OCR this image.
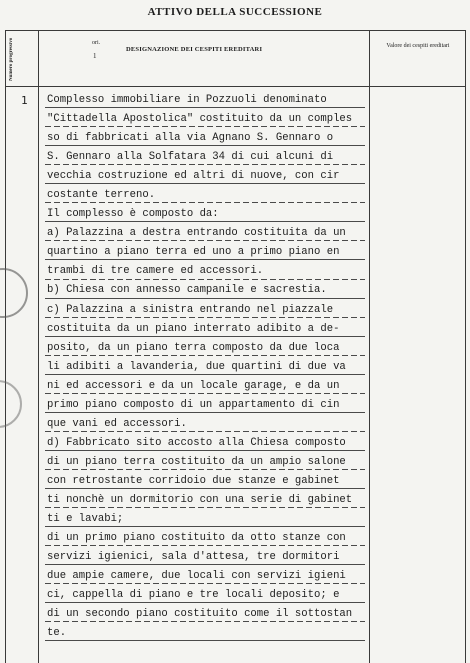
ATTIVO DELLA SUCCESSIONE
Numero progressivo	ori.
1
DESIGNAZIONE DEI CESPITI EREDITARI	Valore dei cespiti ereditari
1 Complesso immobiliare in Pozzuoli denominato
"Cittadella Apostolica" costituito da un comples
so di fabbricati alla via Agnano S. Gennaro o
S. Gennaro alla Solfatara 34 di cui alcuni di
vecchia costruzione ed altri di nuove, con cir
costante terreno.
Il complesso è composto da:
a) Palazzina a destra entrando costituita da un
quartino a piano terra ed uno a primo piano en
trambi di tre camere ed accessori.
b) Chiesa con annesso campanile e sacrestia.
c) Palazzina a sinistra entrando nel piazzale
costituita da un piano interrato adibito a de-
posito, da un piano terra composto da due loca
li adibiti a lavanderia, due quartini di due va
ni ed accessori e da un locale garage, e da un
primo piano composto di un appartamento di cin
que vani ed accessori.
d) Fabbricato sito accosto alla Chiesa composto
di un piano terra costituito da un ampio salone
con retrostante corridoio due stanze e gabinet
ti nonchè un dormitorio con una serie di gabinet
ti e lavabi;
di un primo piano costituito da otto stanze con
servizi igienici, sala d'attesa, tre dormitori
due ampie camere, due locali con servizi igieni
ci, cappella di piano e tre locali deposito; e
di un secondo piano costituito come il sottostan
te.
